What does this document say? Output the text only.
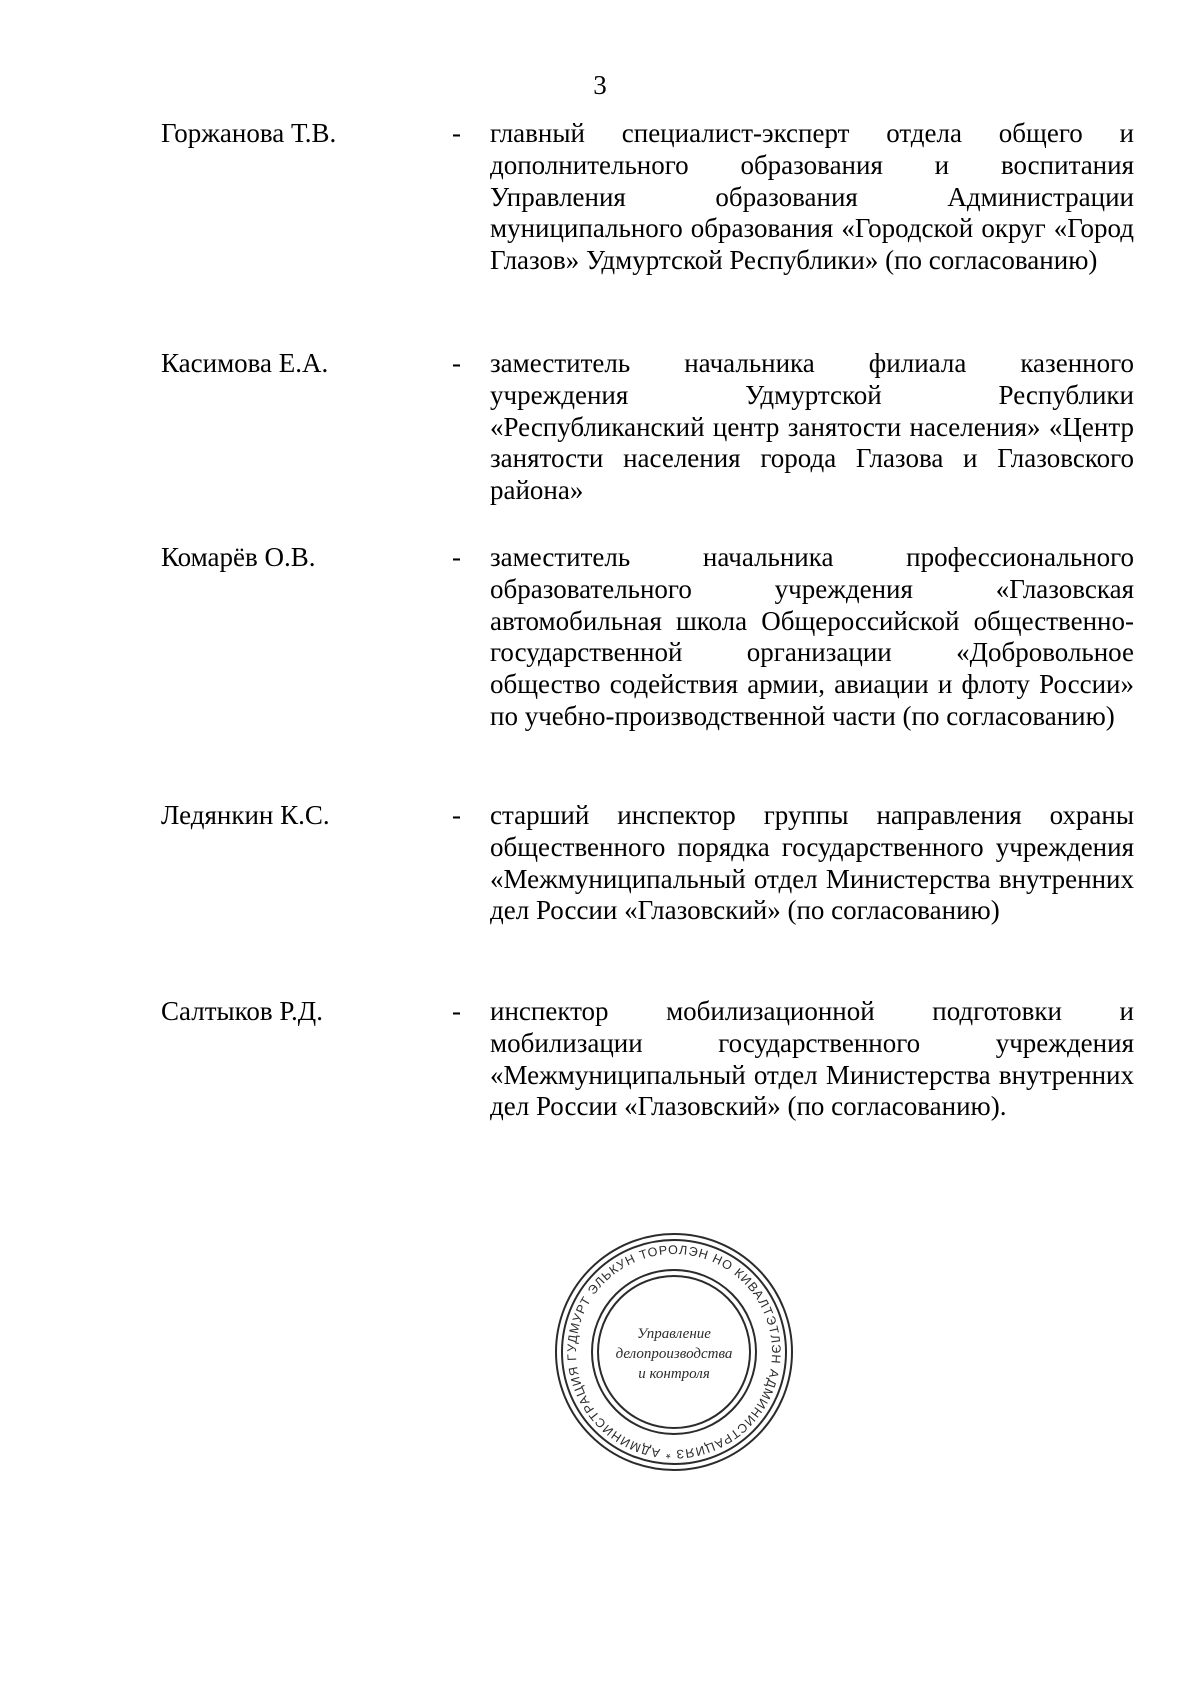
3
Горжанова Т.В.	- главный специалист-эксперт отдела общего и дополнительного образования и воспитания Управления образования Администрации муниципального образования «Городской округ «Город Глазов» Удмуртской Республики» (по согласованию)
Касимова Е.А.	- заместитель начальника филиала казенного учреждения Удмуртской Республики «Республиканский центр занятости населения» «Центр занятости населения города Глазова и Глазовского района»
Комарёв О.В.	- заместитель начальника профессионального образовательного учреждения «Глазовская автомобильная школа Общероссийской общественно-государственной организации «Добровольное общество содействия армии, авиации и флоту России» по учебно-производственной части (по согласованию)
Ледянкин К.С.	- старший инспектор группы направления охраны общественного порядка государственного учреждения «Межмуниципальный отдел Министерства внутренних дел России «Глазовский» (по согласованию)
Салтыков Р.Д.	- инспектор мобилизационной подготовки и мобилизации государственного учреждения «Межмуниципальный отдел Министерства внутренних дел России «Глазовский» (по согласованию).
УДМУРТ ЭЛЬКУН ТОРОЛЭН НО КИВАЛТЭТЛЭН АДМИНИСТРАЦИЯЗ * АДМИНИСТРАЦИЯ Г
Управление
делопроизводства
и контроля
